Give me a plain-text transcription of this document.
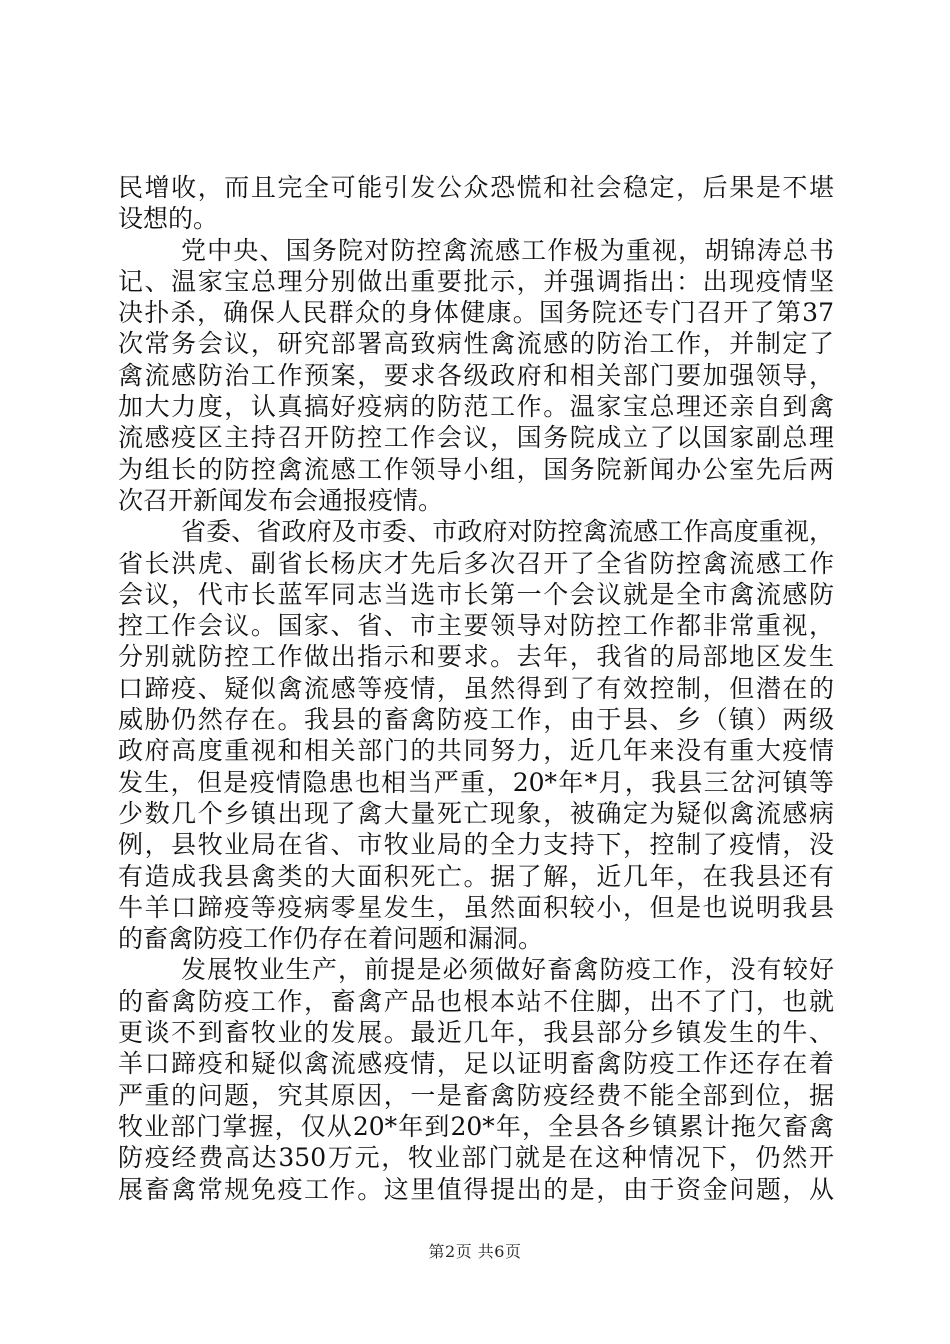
民增收，而且完全可能引发公众恐慌和社会稳定，后果是不堪
设想的。
党中央、国务院对防控禽流感工作极为重视，胡锦涛总书
记、温家宝总理分别做出重要批示，并强调指出：出现疫情坚
决扑杀，确保人民群众的身体健康。国务院还专门召开了第37
次常务会议，研究部署高致病性禽流感的防治工作，并制定了
禽流感防治工作预案，要求各级政府和相关部门要加强领导，
加大力度，认真搞好疫病的防范工作。温家宝总理还亲自到禽
流感疫区主持召开防控工作会议，国务院成立了以国家副总理
为组长的防控禽流感工作领导小组，国务院新闻办公室先后两
次召开新闻发布会通报疫情。
省委、省政府及市委、市政府对防控禽流感工作高度重视，
省长洪虎、副省长杨庆才先后多次召开了全省防控禽流感工作
会议，代市长蓝军同志当选市长第一个会议就是全市禽流感防
控工作会议。国家、省、市主要领导对防控工作都非常重视，
分别就防控工作做出指示和要求。去年，我省的局部地区发生
口蹄疫、疑似禽流感等疫情，虽然得到了有效控制，但潜在的
威胁仍然存在。我县的畜禽防疫工作，由于县、乡（镇）两级
政府高度重视和相关部门的共同努力，近几年来没有重大疫情
发生，但是疫情隐患也相当严重，20*年*月，我县三岔河镇等
少数几个乡镇出现了禽大量死亡现象，被确定为疑似禽流感病
例，县牧业局在省、市牧业局的全力支持下，控制了疫情，没
有造成我县禽类的大面积死亡。据了解，近几年，在我县还有
牛羊口蹄疫等疫病零星发生，虽然面积较小，但是也说明我县
的畜禽防疫工作仍存在着问题和漏洞。
发展牧业生产，前提是必须做好畜禽防疫工作，没有较好
的畜禽防疫工作，畜禽产品也根本站不住脚，出不了门，也就
更谈不到畜牧业的发展。最近几年，我县部分乡镇发生的牛、
羊口蹄疫和疑似禽流感疫情，足以证明畜禽防疫工作还存在着
严重的问题，究其原因，一是畜禽防疫经费不能全部到位，据
牧业部门掌握，仅从20*年到20*年，全县各乡镇累计拖欠畜禽
防疫经费高达350万元，牧业部门就是在这种情况下，仍然开
展畜禽常规免疫工作。这里值得提出的是，由于资金问题，从
第2页 共6页
